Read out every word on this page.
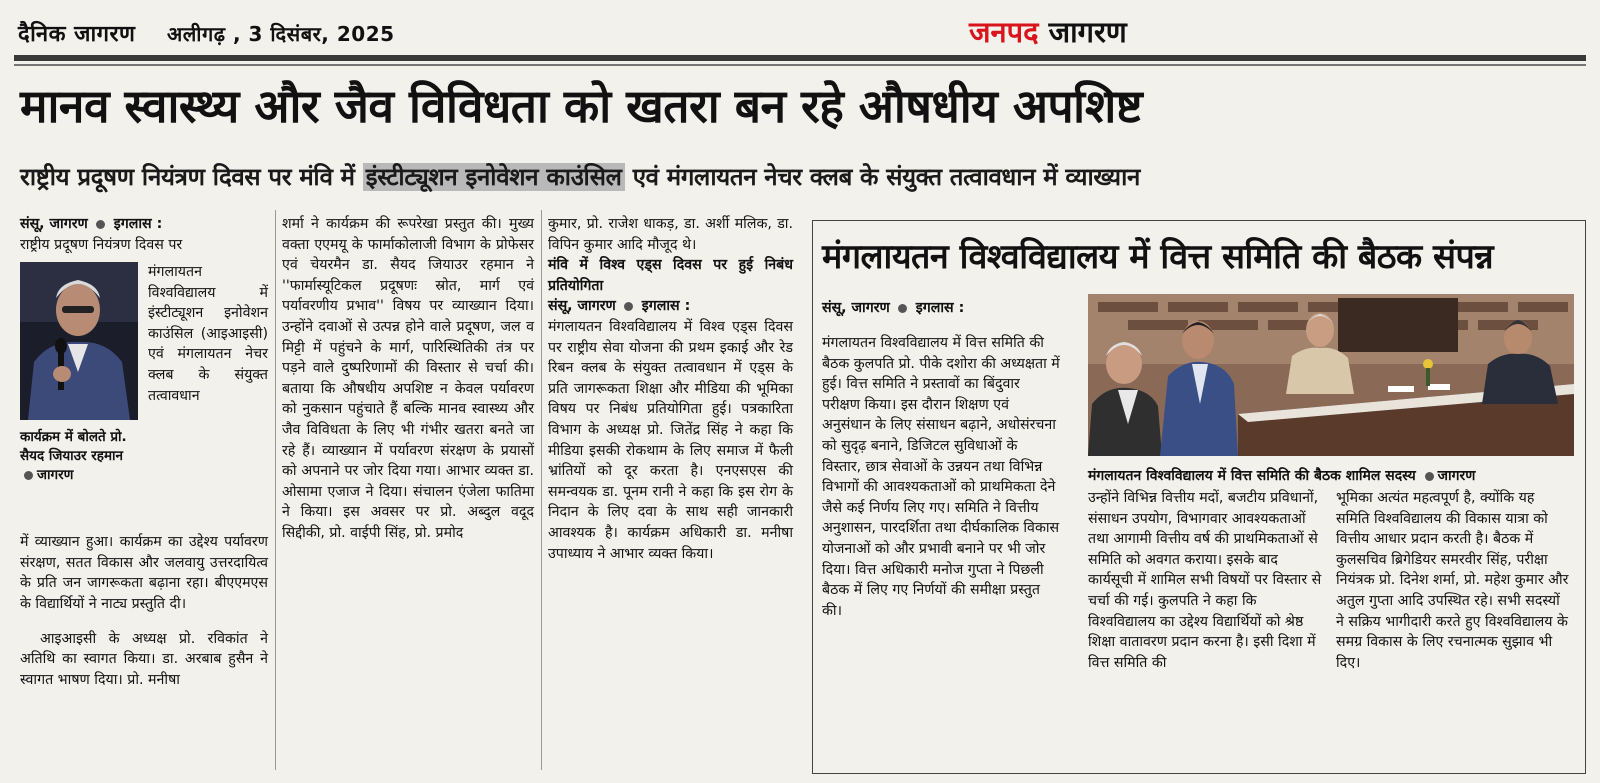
दैनिक जागरण अलीगढ़ , 3 दिसंबर, 2025	जनपद जागरण
मानव स्वास्थ्य और जैव विविधता को खतरा बन रहे औषधीय अपशिष्ट
राष्ट्रीय प्रदूषण नियंत्रण दिवस पर मंवि में इंस्टीट्यूशन इनोवेशन काउंसिल एवं मंगलायतन नेचर क्लब के संयुक्त तत्वावधान में व्याख्यान

संसू, जागरण इगलास :

राष्ट्रीय प्रदूषण नियंत्रण दिवस पर

कार्यक्रम में बोलते प्रो. सैयद जियाउर रहमान जागरण
मंगलायतन विश्वविद्यालय में इंस्टीट्यूशन इनोवेशन काउंसिल (आइआइसी) एवं मंगलायतन नेचर क्लब के संयुक्त तत्वावधान

में व्याख्यान हुआ। कार्यक्रम का उद्देश्य पर्यावरण संरक्षण, सतत विकास और जलवायु उत्तरदायित्व के प्रति जन जागरूकता बढ़ाना रहा। बीएएमएस के विद्यार्थियों ने नाट्य प्रस्तुति दी।

आइआइसी के अध्यक्ष प्रो. रविकांत ने अतिथि का स्वागत किया। डा. अरबाब हुसैन ने स्वागत भाषण दिया। प्रो. मनीषा

शर्मा ने कार्यक्रम की रूपरेखा प्रस्तुत की। मुख्य वक्ता एएमयू के फार्माकोलाजी विभाग के प्रोफेसर एवं चेयरमैन डा. सैयद जियाउर रहमान ने ''फार्मास्यूटिकल प्रदूषणः स्रोत, मार्ग एवं पर्यावरणीय प्रभाव'' विषय पर व्याख्यान दिया। उन्होंने दवाओं से उत्पन्न होने वाले प्रदूषण, जल व मिट्टी में पहुंचने के मार्ग, पारिस्थितिकी तंत्र पर पड़ने वाले दुष्परिणामों की विस्तार से चर्चा की। बताया कि औषधीय अपशिष्ट न केवल पर्यावरण को नुकसान पहुंचाते हैं बल्कि मानव स्वास्थ्य और जैव विविधता के लिए भी गंभीर खतरा बनते जा रहे हैं। व्याख्यान में पर्यावरण संरक्षण के प्रयासों को अपनाने पर जोर दिया गया। आभार व्यक्त डा. ओसामा एजाज ने दिया। संचालन एंजेला फातिमा ने किया। इस अवसर पर प्रो. अब्दुल वदूद सिद्दीकी, प्रो. वाईपी सिंह, प्रो. प्रमोद

कुमार, प्रो. राजेश धाकड़, डा. अर्शी मलिक, डा. विपिन कुमार आदि मौजूद थे।

मंवि में विश्व एड्स दिवस पर हुई निबंध प्रतियोगिता

संसू, जागरण इगलास :

मंगलायतन विश्वविद्यालय में विश्व एड्स दिवस पर राष्ट्रीय सेवा योजना की प्रथम इकाई और रेड रिबन क्लब के संयुक्त तत्वावधान में एड्स के प्रति जागरूकता शिक्षा और मीडिया की भूमिका विषय पर निबंध प्रतियोगिता हुई। पत्रकारिता विभाग के अध्यक्ष प्रो. जितेंद्र सिंह ने कहा कि मीडिया इसकी रोकथाम के लिए समाज में फैली भ्रांतियों को दूर करता है। एनएसएस की समन्वयक डा. पूनम रानी ने कहा कि इस रोग के निदान के लिए दवा के साथ सही जानकारी आवश्यक है। कार्यक्रम अधिकारी डा. मनीषा उपाध्याय ने आभार व्यक्त किया।

मंगलायतन विश्वविद्यालय में वित्त समिति की बैठक संपन्न

संसू, जागरण इगलास :

मंगलायतन विश्वविद्यालय में वित्त समिति की बैठक कुलपति प्रो. पीके दशोरा की अध्यक्षता में हुई। वित्त समिति ने प्रस्तावों का बिंदुवार परीक्षण किया। इस दौरान शिक्षण एवं अनुसंधान के लिए संसाधन बढ़ाने, अधोसंरचना को सुदृढ़ बनाने, डिजिटल सुविधाओं के विस्तार, छात्र सेवाओं के उन्नयन तथा विभिन्न विभागों की आवश्यकताओं को प्राथमिकता देने जैसे कई निर्णय लिए गए। समिति ने वित्तीय अनुशासन, पारदर्शिता तथा दीर्घकालिक विकास योजनाओं को और प्रभावी बनाने पर भी जोर दिया। वित्त अधिकारी मनोज गुप्ता ने पिछली बैठक में लिए गए निर्णयों की समीक्षा प्रस्तुत की।

मंगलायतन विश्वविद्यालय में वित्त समिति की बैठक शामिल सदस्य जागरण
उन्होंने विभिन्न वित्तीय मदों, बजटीय प्रविधानों, संसाधन उपयोग, विभागवार आवश्यकताओं तथा आगामी वित्तीय वर्ष की प्राथमिकताओं से समिति को अवगत कराया। इसके बाद कार्यसूची में शामिल सभी विषयों पर विस्तार से चर्चा की गई। कुलपति ने कहा कि विश्वविद्यालय का उद्देश्य विद्यार्थियों को श्रेष्ठ शिक्षा वातावरण प्रदान करना है। इसी दिशा में वित्त समिति की
भूमिका अत्यंत महत्वपूर्ण है, क्योंकि यह समिति विश्वविद्यालय की विकास यात्रा को वित्तीय आधार प्रदान करती है। बैठक में कुलसचिव ब्रिगेडियर समरवीर सिंह, परीक्षा नियंत्रक प्रो. दिनेश शर्मा, प्रो. महेश कुमार और अतुल गुप्ता आदि उपस्थित रहे। सभी सदस्यों ने सक्रिय भागीदारी करते हुए विश्वविद्यालय के समग्र विकास के लिए रचनात्मक सुझाव भी दिए।
